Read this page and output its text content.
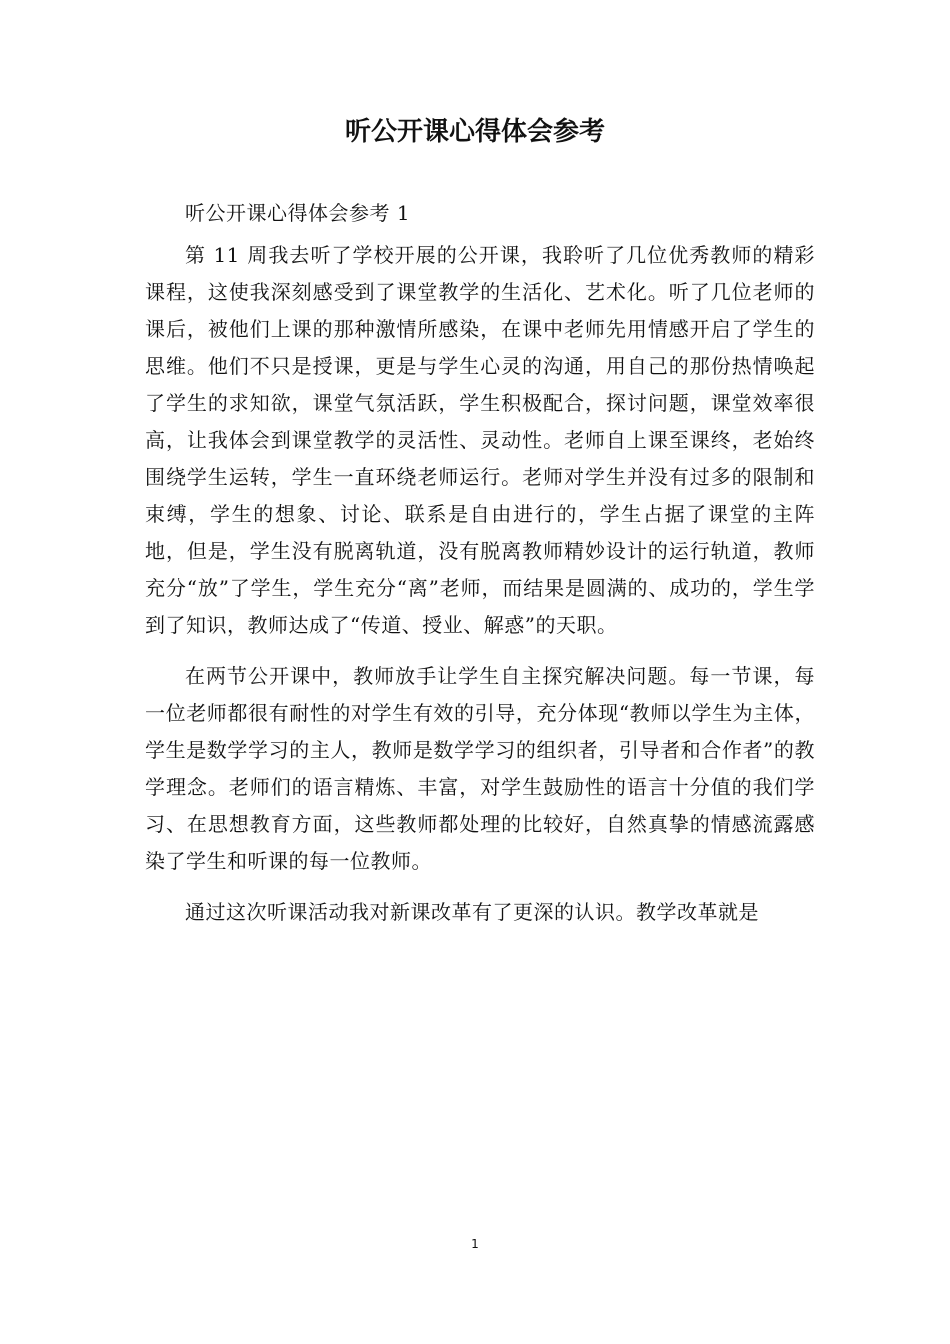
听公开课心得体会参考

听公开课心得体会参考 1

第 11 周我去听了学校开展的公开课，我聆听了几位优秀教师的精彩课程，这使我深刻感受到了课堂教学的生活化、艺术化。听了几位老师的课后，被他们上课的那种激情所感染，在课中老师先用情感开启了学生的思维。他们不只是授课，更是与学生心灵的沟通，用自己的那份热情唤起了学生的求知欲，课堂气氛活跃，学生积极配合，探讨问题，课堂效率很高，让我体会到课堂教学的灵活性、灵动性。老师自上课至课终，老始终围绕学生运转，学生一直环绕老师运行。老师对学生并没有过多的限制和束缚，学生的想象、讨论、联系是自由进行的，学生占据了课堂的主阵地，但是，学生没有脱离轨道，没有脱离教师精妙设计的运行轨道，教师充分“放”了学生，学生充分“离”老师，而结果是圆满的、成功的，学生学到了知识，教师达成了“传道、授业、解惑”的天职。

在两节公开课中，教师放手让学生自主探究解决问题。每一节课，每一位老师都很有耐性的对学生有效的引导，充分体现“教师以学生为主体，学生是数学学习的主人，教师是数学学习的组织者，引导者和合作者”的教学理念。老师们的语言精炼、丰富，对学生鼓励性的语言十分值的我们学习、在思想教育方面，这些教师都处理的比较好，自然真挚的情感流露感染了学生和听课的每一位教师。

通过这次听课活动我对新课改革有了更深的认识。教学改革就是

1
